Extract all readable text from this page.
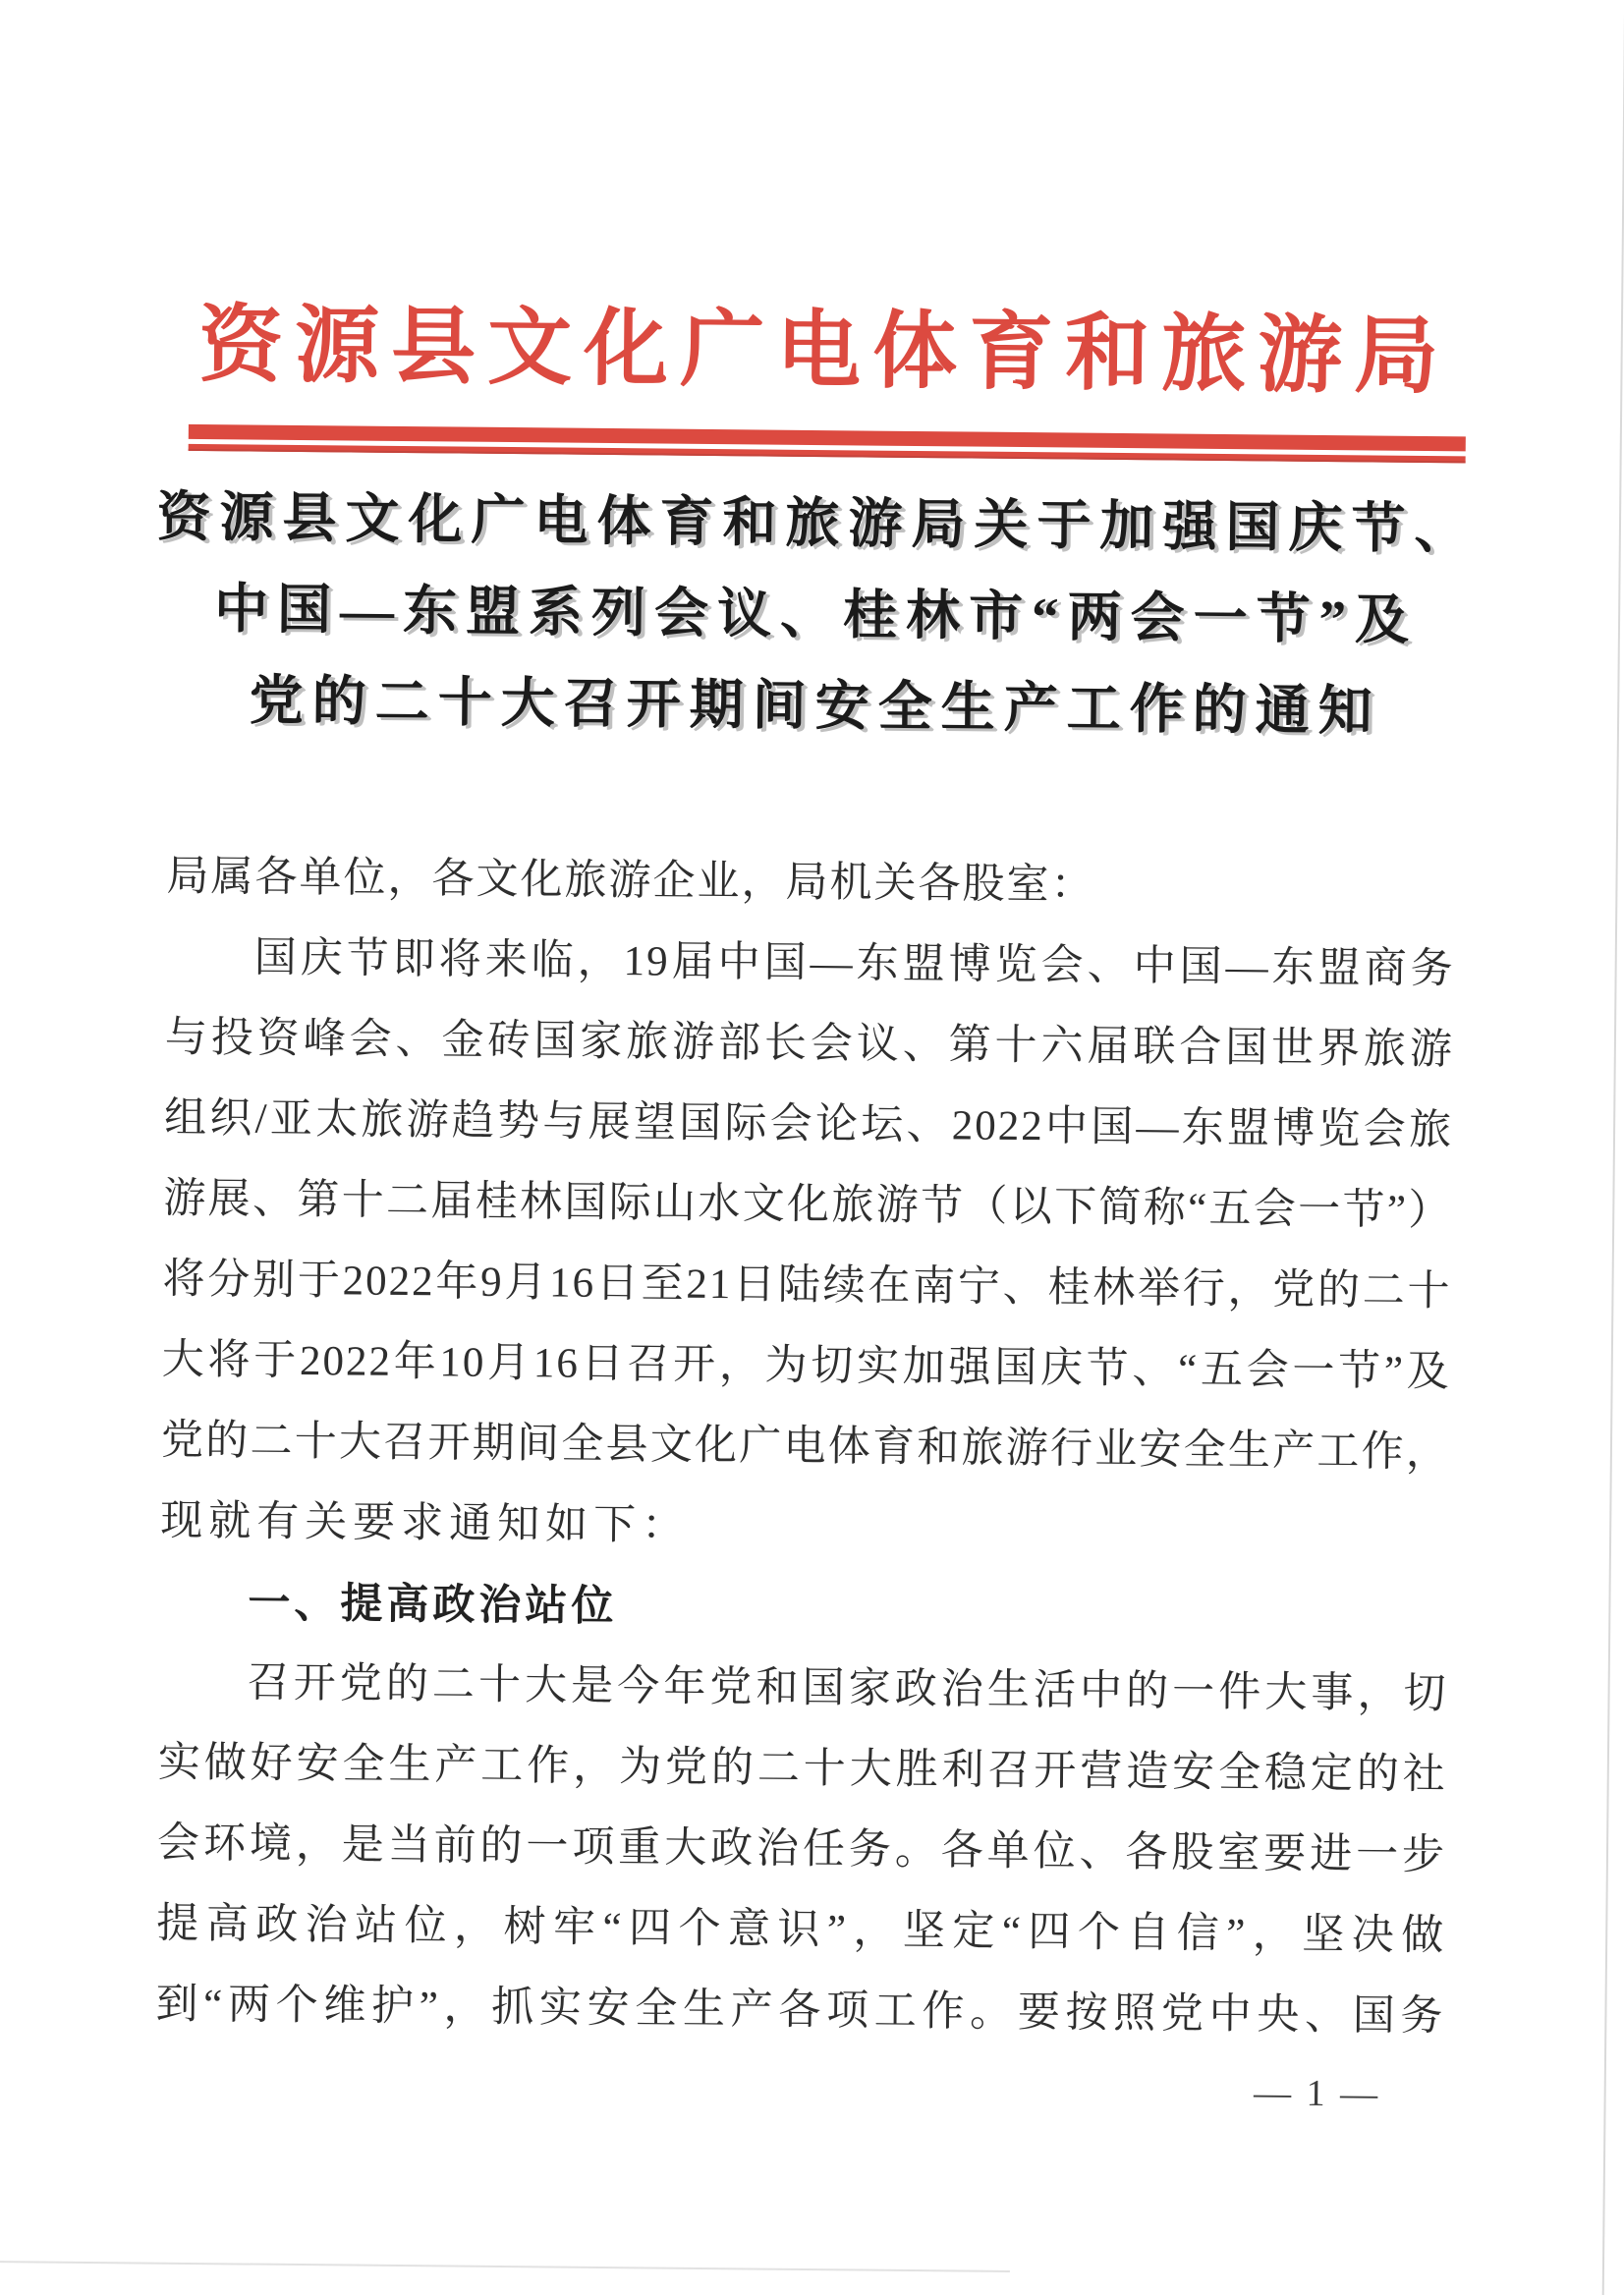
资源县文化广电体育和旅游局
资源县文化广电体育和旅游局关于加强国庆节、
中国—东盟系列会议、桂林市“两会一节”及
党的二十大召开期间安全生产工作的通知
局属各单位，各文化旅游企业，局机关各股室：
国庆节即将来临，19届中国—东盟博览会、中国—东盟商务
与投资峰会、金砖国家旅游部长会议、第十六届联合国世界旅游
组织/亚太旅游趋势与展望国际会论坛、2022中国—东盟博览会旅
游展、第十二届桂林国际山水文化旅游节（以下简称“五会一节”）
将分别于2022年9月16日至21日陆续在南宁、桂林举行，党的二十
大将于2022年10月16日召开，为切实加强国庆节、“五会一节”及
党的二十大召开期间全县文化广电体育和旅游行业安全生产工作，
现就有关要求通知如下：
一、提高政治站位
召开党的二十大是今年党和国家政治生活中的一件大事，切
实做好安全生产工作，为党的二十大胜利召开营造安全稳定的社
会环境，是当前的一项重大政治任务。各单位、各股室要进一步
提高政治站位，树牢“四个意识”，坚定“四个自信”，坚决做
到“两个维护”，抓实安全生产各项工作。要按照党中央、国务
— 1 —
